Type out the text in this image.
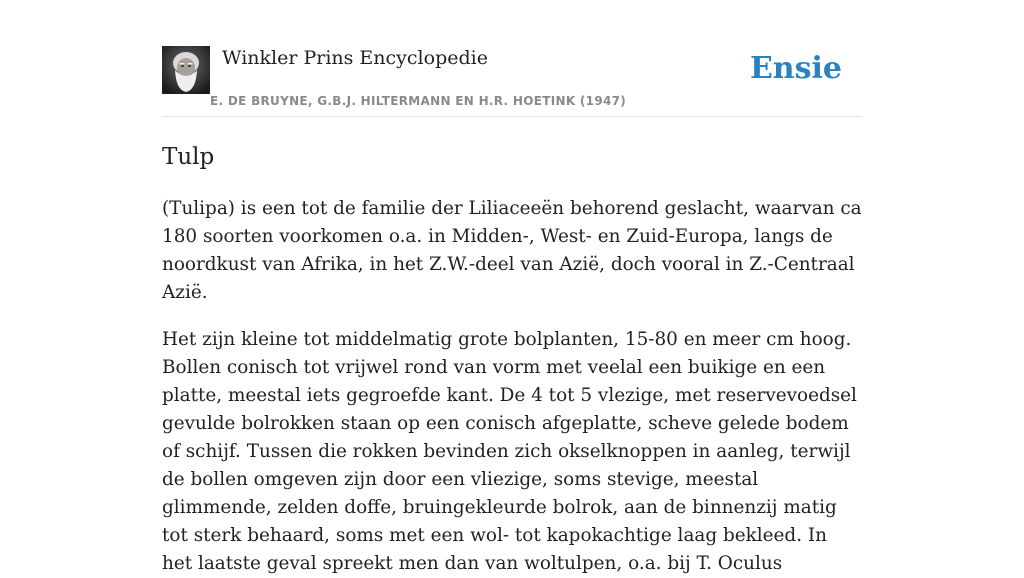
Winkler Prins Encyclopedie
E. DE BRUYNE, G.B.J. HILTERMANN EN H.R. HOETINK (1947)
Ensie
Tulp

(Tulipa) is een tot de familie der Liliaceeën behorend geslacht, waarvan ca 180 soorten voorkomen o.a. in Midden-, West- en Zuid-Europa, langs de noordkust van Afrika, in het Z.W.-deel van Azië, doch vooral in Z.-Centraal Azië.

Het zijn kleine tot middelmatig grote bolplanten, 15-80 en meer cm hoog. Bollen conisch tot vrijwel rond van vorm met veelal een buikige en een platte, meestal iets gegroefde kant. De 4 tot 5 vlezige, met reservevoedsel gevulde bolrokken staan op een conisch afgeplatte, scheve gelede bodem of schijf. Tussen die rokken bevinden zich okselknoppen in aanleg, terwijl de bollen omgeven zijn door een vliezige, soms stevige, meestal glimmende, zelden doffe, bruingekleurde bolrok, aan de binnenzij matig tot sterk behaard, soms met een wol- tot kapokachtige laag bekleed. In het laatste geval spreekt men dan van woltulpen, o.a. bij T. Oculus
